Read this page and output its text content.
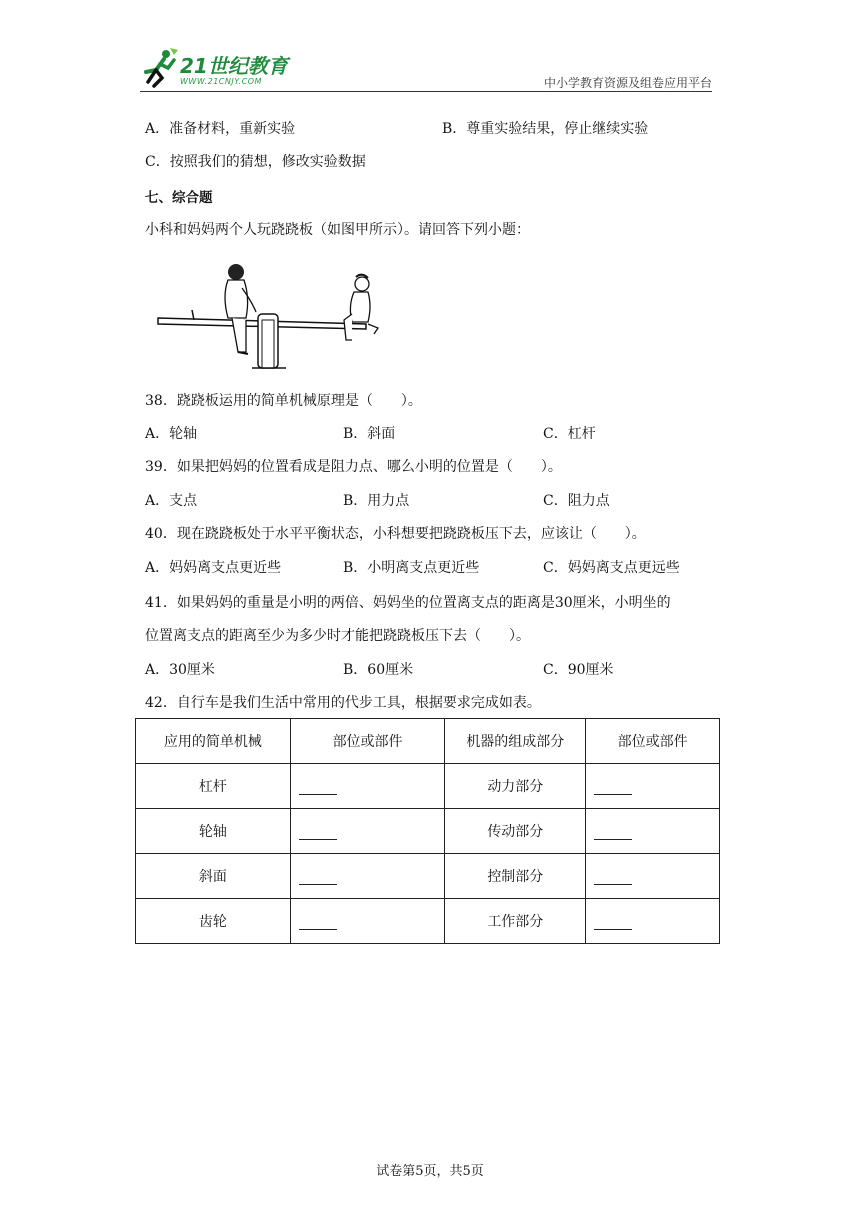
21世纪教育
WWW.21CNJY.COM	中小学教育资源及组卷应用平台
A．准备材料，重新实验	B．尊重实验结果，停止继续实验
C．按照我们的猜想，修改实验数据
七、综合题
小科和妈妈两个人玩跷跷板（如图甲所示）。请回答下列小题：
38．跷跷板运用的简单机械原理是（　　）。
A．轮轴	B．斜面	C．杠杆
39．如果把妈妈的位置看成是阻力点、哪么小明的位置是（　　）。
A．支点	B．用力点	C．阻力点
40．现在跷跷板处于水平平衡状态，小科想要把跷跷板压下去，应该让（　　）。
A．妈妈离支点更近些	B．小明离支点更近些	C．妈妈离支点更远些
41．如果妈妈的重量是小明的两倍、妈妈坐的位置离支点的距离是30厘米，小明坐的
位置离支点的距离至少为多少时才能把跷跷板压下去（　　）。
A．30厘米	B．60厘米	C．90厘米
42．自行车是我们生活中常用的代步工具，根据要求完成如表。
应用的简单机械	部位或部件	机器的组成部分	部位或部件
杠杆		动力部分	
轮轴		传动部分	
斜面		控制部分	
齿轮		工作部分	
试卷第5页，共5页
